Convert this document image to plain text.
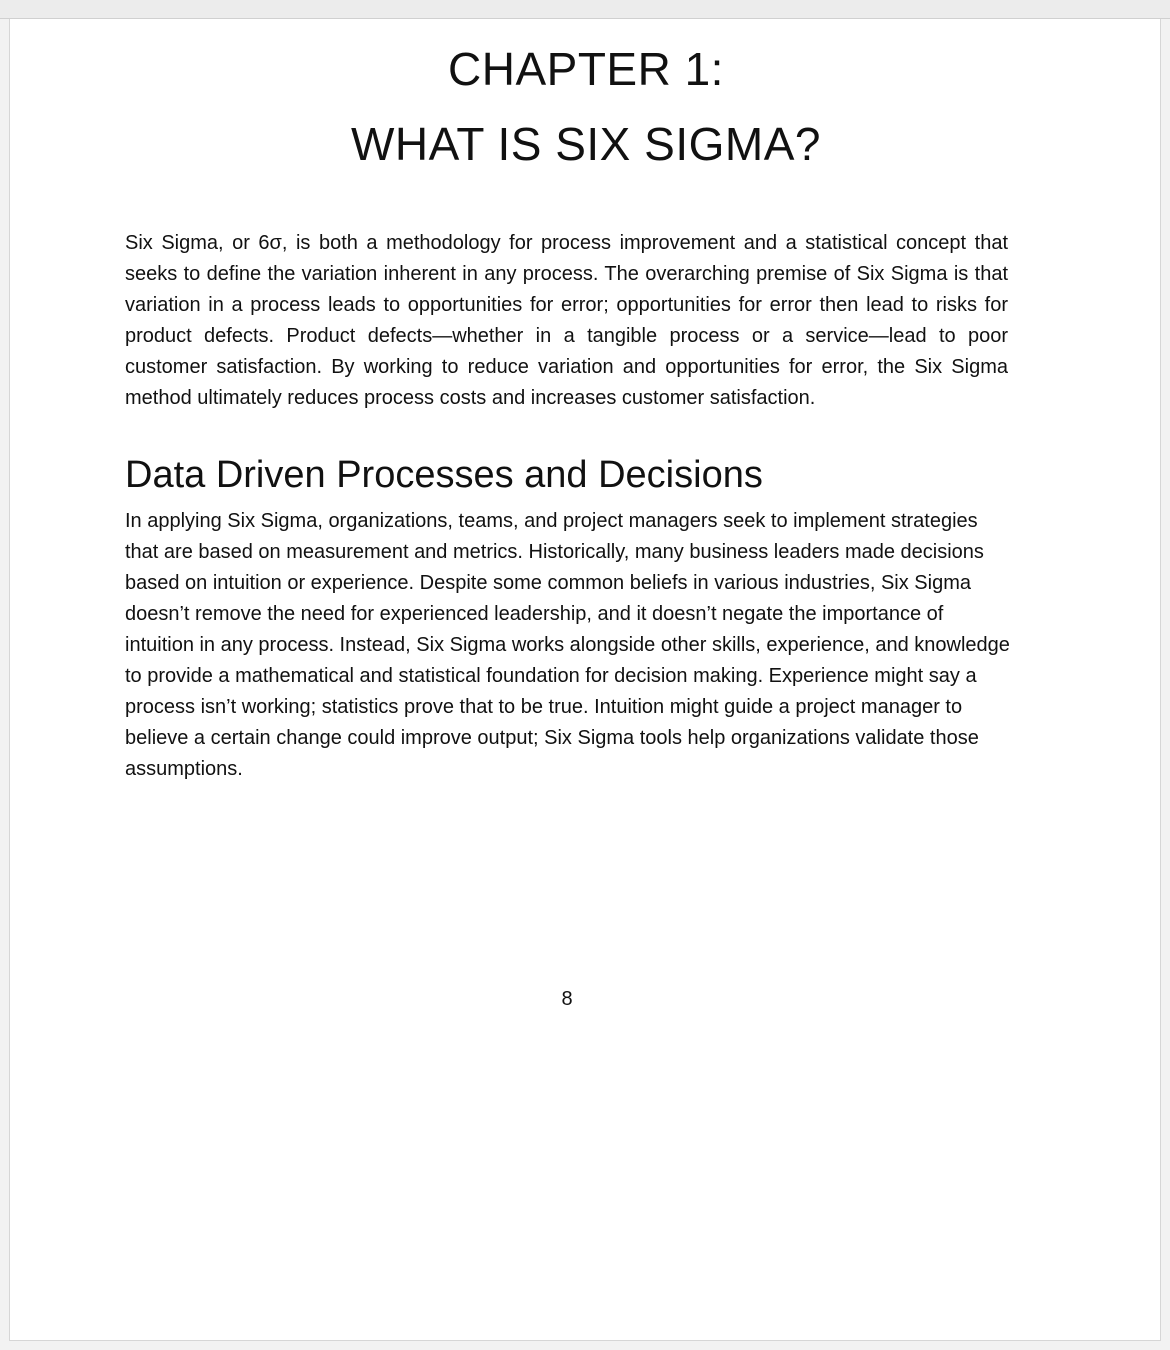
CHAPTER 1:
WHAT IS SIX SIGMA?

Six Sigma, or 6σ, is both a methodology for process improvement and a statistical concept that seeks to define the variation inherent in any process. The overarching premise of Six Sigma is that variation in a process leads to opportunities for error; opportunities for error then lead to risks for product defects. Product defects—whether in a tangible process or a service—lead to poor customer satisfaction. By working to reduce variation and opportunities for error, the Six Sigma method ultimately reduces process costs and increases customer satisfaction.

Data Driven Processes and Decisions

In applying Six Sigma, organizations, teams, and project managers seek to implement strategies that are based on measurement and metrics. Historically, many business leaders made decisions based on intuition or experience. Despite some common beliefs in various industries, Six Sigma doesn’t remove the need for experienced leadership, and it doesn’t negate the importance of intuition in any process. Instead, Six Sigma works alongside other skills, experience, and knowledge to provide a mathematical and statistical foundation for decision making. Experience might say a process isn’t working; statistics prove that to be true. Intuition might guide a project manager to believe a certain change could improve output; Six Sigma tools help organizations validate those assumptions.

8
